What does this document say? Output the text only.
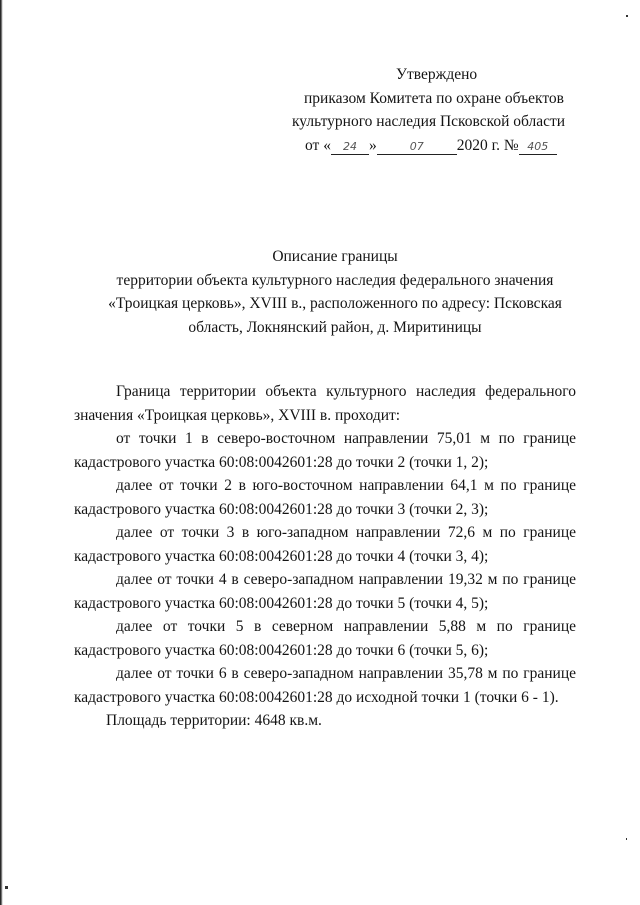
Утверждено
приказом Комитета по охране объектов
культурного наследия Псковской области
от « 24 »	07 2020 г. № 405
Описание границы
территории объекта культурного наследия федерального значения
«Троицкая церковь», XVIII в., расположенного по адресу: Псковская
область, Локнянский район, д. Миритиницы

Граница территории объекта культурного наследия федерального значения «Троицкая церковь», XVIII в. проходит:

от точки 1 в северо-восточном направлении 75,01 м по границе кадастрового участка 60:08:0042601:28 до точки 2 (точки 1, 2);

далее от точки 2 в юго-восточном направлении 64,1 м по границе кадастрового участка 60:08:0042601:28 до точки 3 (точки 2, 3);

далее от точки 3 в юго-западном направлении 72,6 м по границе кадастрового участка 60:08:0042601:28 до точки 4 (точки 3, 4);

далее от точки 4 в северо-западном направлении 19,32 м по границе кадастрового участка 60:08:0042601:28 до точки 5 (точки 4, 5);

далее от точки 5 в северном направлении 5,88 м по границе кадастрового участка 60:08:0042601:28 до точки 6 (точки 5, 6);

далее от точки 6 в северо-западном направлении 35,78 м по границе кадастрового участка 60:08:0042601:28 до исходной точки 1 (точки 6 - 1).

Площадь территории: 4648 кв.м.
